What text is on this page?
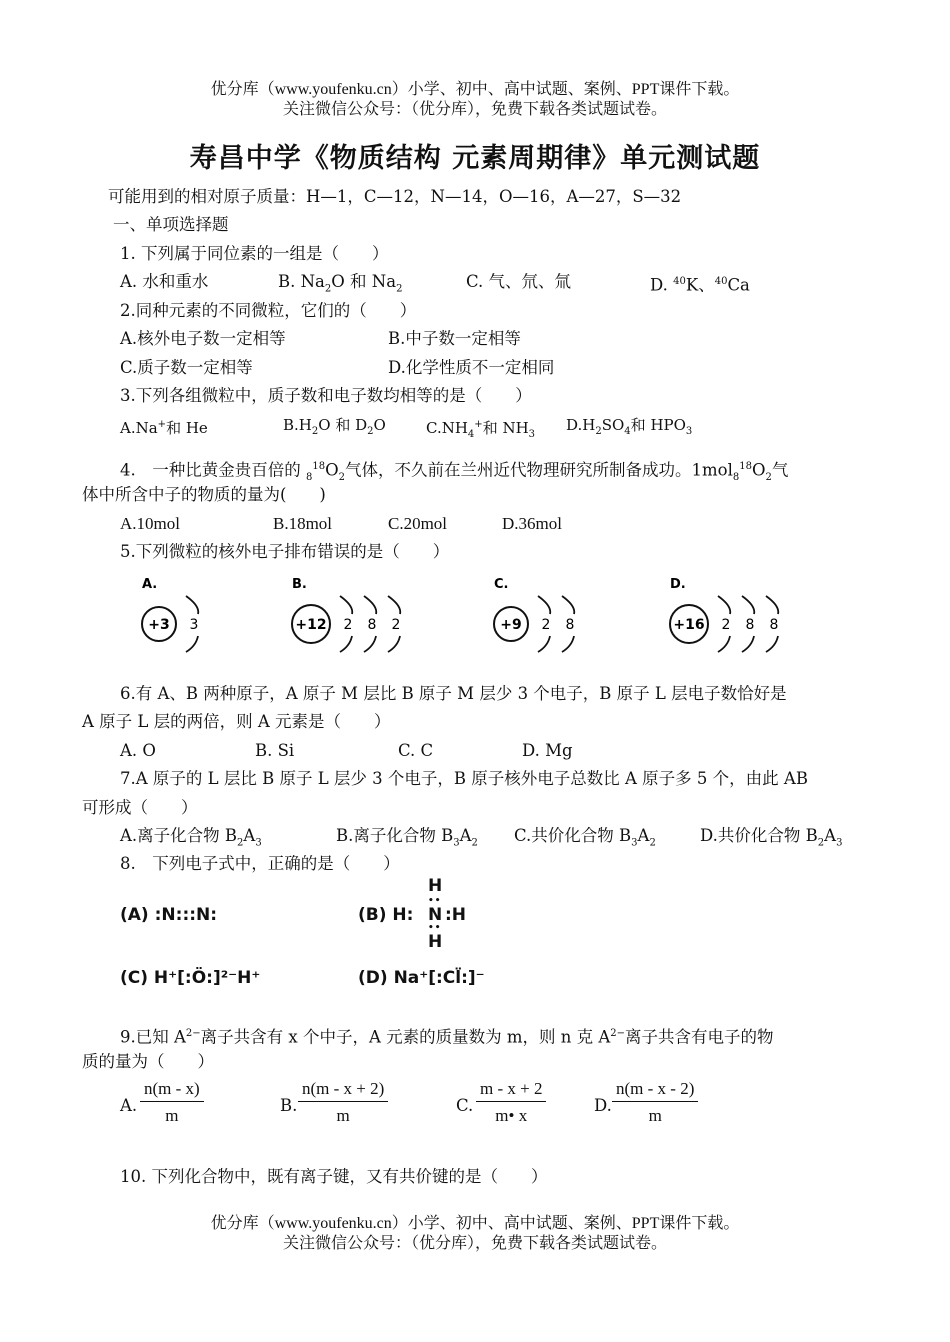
优分库（www.youfenku.cn）小学、初中、高中试题、案例、PPT课件下载。
关注微信公众号：（优分库），免费下载各类试题试卷。
寿昌中学《物质结构 元素周期律》单元测试题
可能用到的相对原子质量：H—1，C—12，N—14，O—16，A—27，S—32
一、单项选择题
1. 下列属于同位素的一组是（　　）
A. 水和重水	B. $Na_2O$ 和 $Na_2$	C. 气、氘、氚	D. $^{40}$K、$^{40}$Ca
2.同种元素的不同微粒，它们的（　　）
A.核外电子数一定相等	B.中子数一定相等
C.质子数一定相等	D.化学性质不一定相同
3.下列各组微粒中，质子数和电子数均相等的是（　　）
A.Na+和 He	$B.H_2O$ 和 $D_2O$	$C.NH_4^+$和 $NH_3$
$D.H_2SO_4$和 $HPO_3$
4.　一种比黄金贵百倍的 $_8^{18}O_2$气体，不久前在兰州近代物理研究所制备成功。$1mol_8^{18}O_2$气
体中所含中子的物质的量为(　　)
A.10mol	B.18mol	C.20mol	D.36mol
5.下列微粒的核外电子排布错误的是（　　）
A.
+3 3
B.
+12 2 8 2
C.
+9 2 8
D.
+16 2 8 8
6.有 A、B 两种原子，A 原子 M 层比 B 原子 M 层少 3 个电子，B 原子 L 层电子数恰好是
A 原子 L 层的两倍，则 A 元素是（　　）
A. O	B. Si	C. C	D. Mg
7.A 原子的 L 层比 B 原子 L 层少 3 个电子，B 原子核外电子总数比 A 原子多 5 个，由此 AB
可形成（　　）
A.离子化合物 $B_2A_3$	B.离子化合物 $B_3A_2$ C.共价化合物 $B_3A_2$	D.共价化合物 $B_2A_3$
8.　下列电子式中，正确的是（　　）
(A) :N:::N:	(B) H:
H
••
N :H
••
H
(C) H⁺[:Ö:]²⁻H⁺	(D) Na⁺[:Cl̈:]⁻
9.已知 $A^{2-}$离子共含有 x 个中子，A 元素的质量数为 m，则 n 克 $A^{2-}$离子共含有电子的物
质的量为（　　）
A. $\frac{n(m - x)}{m}$	B. $\frac{n(m - x + 2)}{m}$	C. $\frac{m - x + 2}{m• x}$	D. $\frac{n(m - x - 2)}{m}$
10. 下列化合物中，既有离子键，又有共价键的是（　　）
优分库（www.youfenku.cn）小学、初中、高中试题、案例、PPT课件下载。
关注微信公众号：（优分库），免费下载各类试题试卷。
